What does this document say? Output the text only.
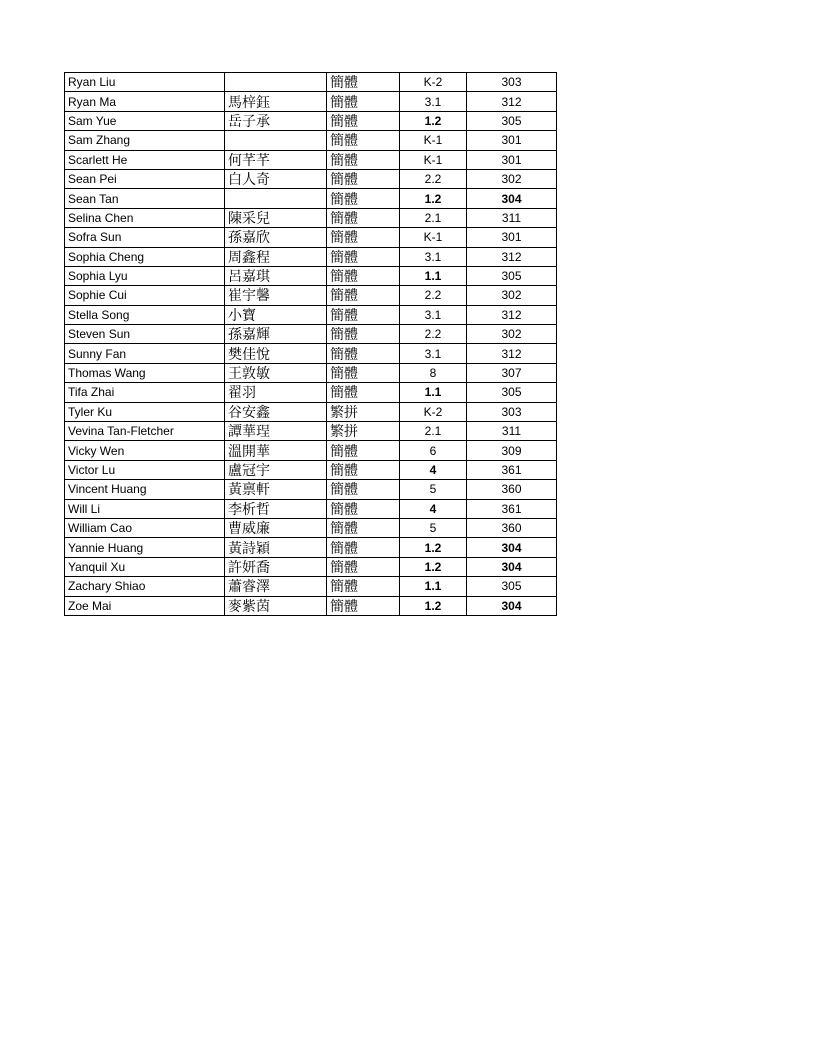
Ryan Liu		簡體	K-2	303
Ryan Ma	馬梓鈺	簡體	3.1	312
Sam Yue	岳子承	簡體	1.2	305
Sam Zhang		簡體	K-1	301
Scarlett He	何芊芊	簡體	K-1	301
Sean Pei	白人奇	簡體	2.2	302
Sean Tan		簡體	1.2	304
Selina Chen	陳采兒	簡體	2.1	311
Sofra Sun	孫嘉欣	簡體	K-1	301
Sophia Cheng	周鑫程	簡體	3.1	312
Sophia Lyu	呂嘉琪	簡體	1.1	305
Sophie Cui	崔宇馨	簡體	2.2	302
Stella Song	小寶	簡體	3.1	312
Steven Sun	孫嘉輝	簡體	2.2	302
Sunny Fan	樊佳悅	簡體	3.1	312
Thomas Wang	王敦敏	簡體	8	307
Tifa Zhai	翟羽	簡體	1.1	305
Tyler Ku	谷安鑫	繁拼	K-2	303
Vevina Tan-Fletcher	譚華珵	繁拼	2.1	311
Vicky Wen	溫開華	簡體	6	309
Victor Lu	盧冠宇	簡體	4	361
Vincent Huang	黃禀軒	簡體	5	360
Will Li	李析哲	簡體	4	361
William Cao	曹威廉	簡體	5	360
Yannie Huang	黃詩穎	簡體	1.2	304
Yanquil Xu	許妍喬	簡體	1.2	304
Zachary Shiao	蕭睿澤	簡體	1.1	305
Zoe Mai	麥紫茵	簡體	1.2	304
